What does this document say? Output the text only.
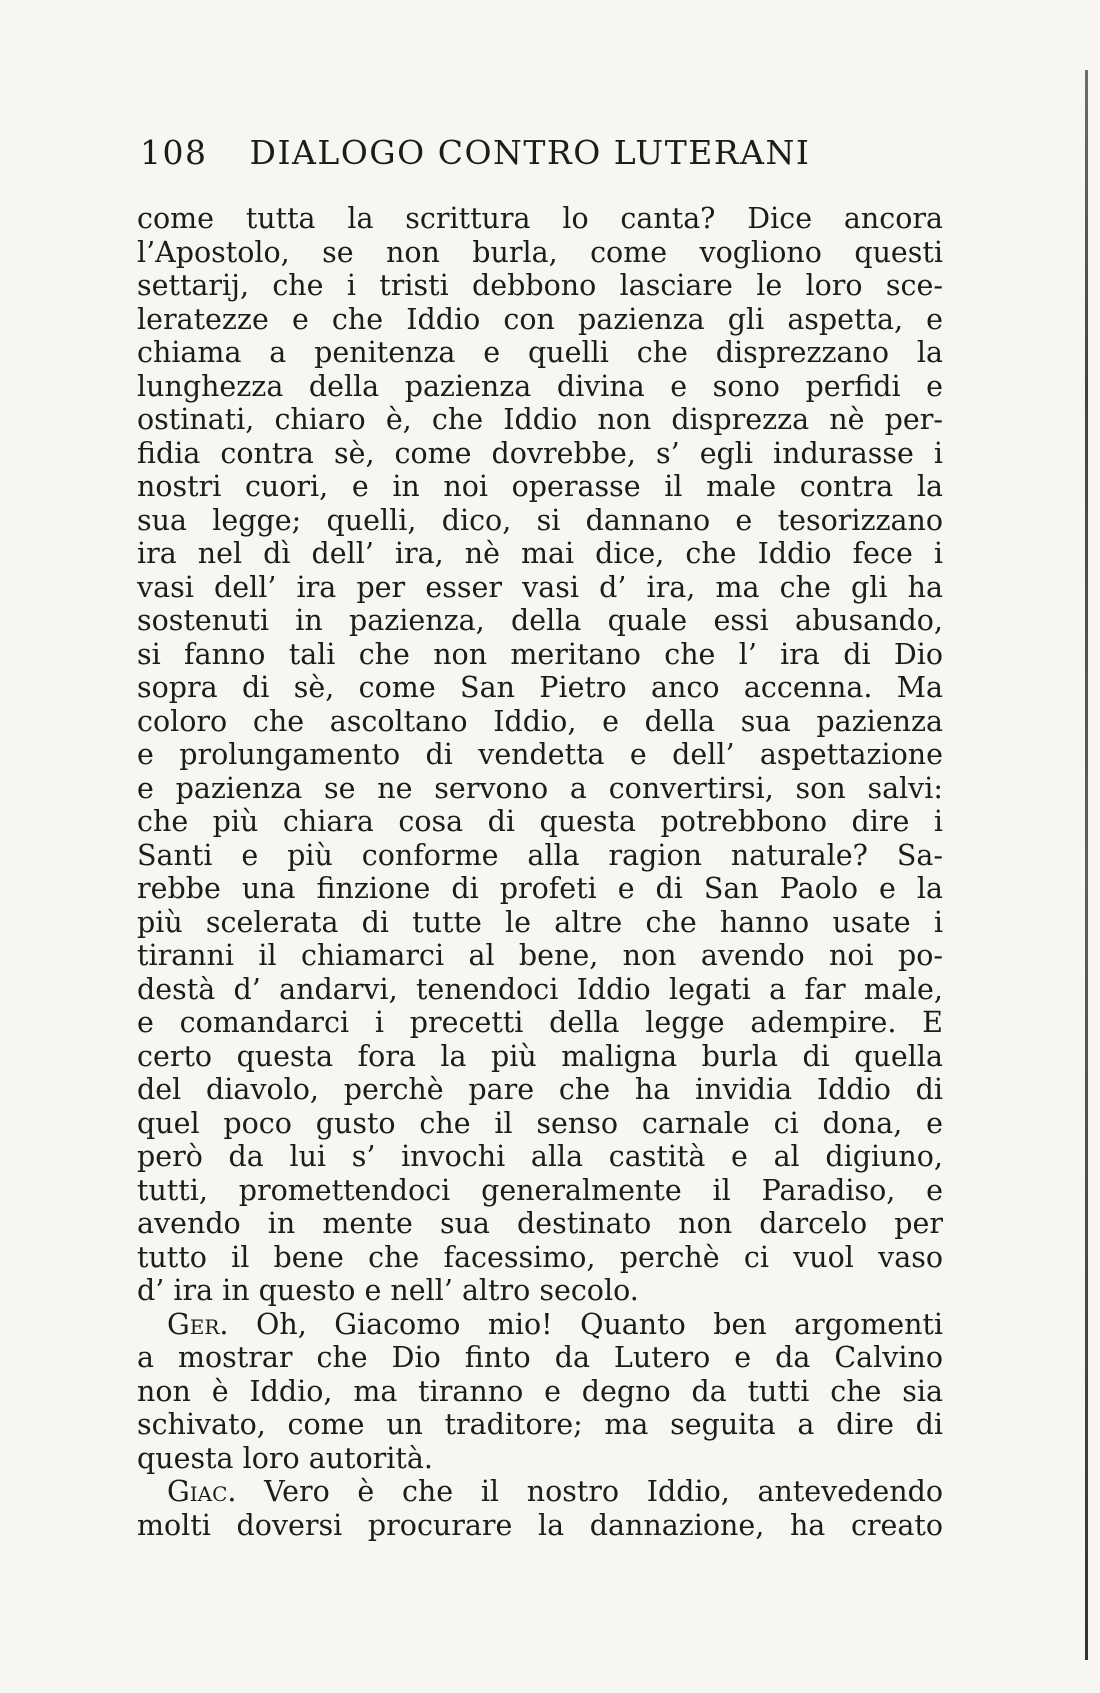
108 DIALOGO CONTRO LUTERANI
come tutta la scrittura lo canta? Dice ancora
l’Apostolo, se non burla, come vogliono questi
settarij, che i tristi debbono lasciare le loro sce-
leratezze e che Iddio con pazienza gli aspetta, e
chiama a penitenza e quelli che disprezzano la
lunghezza della pazienza divina e sono perfidi e
ostinati, chiaro è, che Iddio non disprezza nè per-
fidia contra sè, come dovrebbe, s’ egli indurasse i
nostri cuori, e in noi operasse il male contra la
sua legge; quelli, dico, si dannano e tesorizzano
ira nel dì dell’ ira, nè mai dice, che Iddio fece i
vasi dell’ ira per esser vasi d’ ira, ma che gli ha
sostenuti in pazienza, della quale essi abusando,
si fanno tali che non meritano che l’ ira di Dio
sopra di sè, come San Pietro anco accenna. Ma
coloro che ascoltano Iddio, e della sua pazienza
e prolungamento di vendetta e dell’ aspettazione
e pazienza se ne servono a convertirsi, son salvi:
che più chiara cosa di questa potrebbono dire i
Santi e più conforme alla ragion naturale? Sa-
rebbe una finzione di profeti e di San Paolo e la
più scelerata di tutte le altre che hanno usate i
tiranni il chiamarci al bene, non avendo noi po-
destà d’ andarvi, tenendoci Iddio legati a far male,
e comandarci i precetti della legge adempire. E
certo questa fora la più maligna burla di quella
del diavolo, perchè pare che ha invidia Iddio di
quel poco gusto che il senso carnale ci dona, e
però da lui s’ invochi alla castità e al digiuno,
tutti, promettendoci generalmente il Paradiso, e
avendo in mente sua destinato non darcelo per
tutto il bene che facessimo, perchè ci vuol vaso
d’ ira in questo e nell’ altro secolo.
Ger. Oh, Giacomo mio! Quanto ben argomenti
a mostrar che Dio finto da Lutero e da Calvino
non è Iddio, ma tiranno e degno da tutti che sia
schivato, come un traditore; ma seguita a dire di
questa loro autorità.
Giac. Vero è che il nostro Iddio, antevedendo
molti doversi procurare la dannazione, ha creato
